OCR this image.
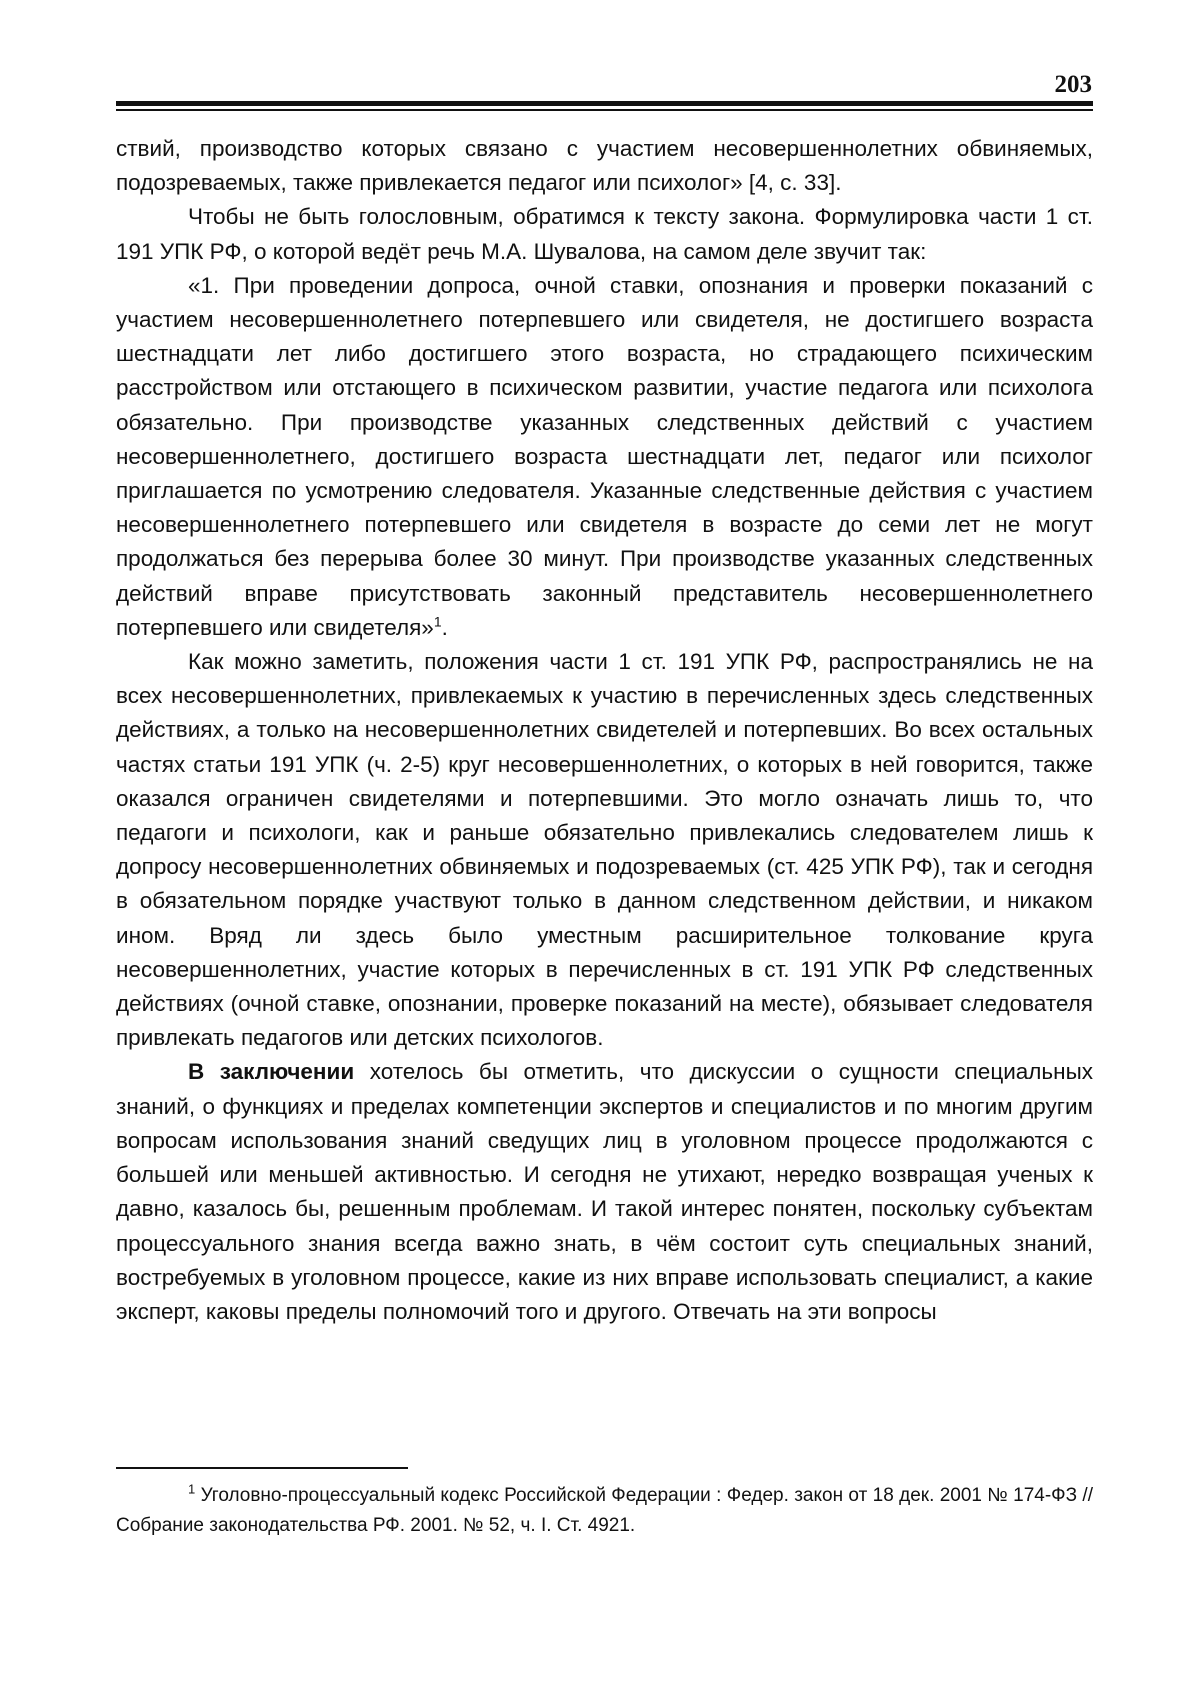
203

ствий, производство которых связано с участием несовершеннолетних обвиняемых, подозреваемых, также привлекается педагог или психолог» [4, с. 33].

Чтобы не быть голословным, обратимся к тексту закона. Формулировка части 1 ст. 191 УПК РФ, о которой ведёт речь М.А. Шувалова, на самом деле звучит так:

«1. При проведении допроса, очной ставки, опознания и проверки показаний с участием несовершеннолетнего потерпевшего или свидетеля, не достигшего возраста шестнадцати лет либо достигшего этого возраста, но страдающего психическим расстройством или отстающего в психическом развитии, участие педагога или психолога обязательно. При производстве указанных следственных действий с участием несовершеннолетнего, достигшего возраста шестнадцати лет, педагог или психолог приглашается по усмотрению следователя. Указанные следственные действия с участием несовершеннолетнего потерпевшего или свидетеля в возрасте до семи лет не могут продолжаться без перерыва более 30 минут. При производстве указанных следственных действий вправе присутствовать законный представитель несовершеннолетнего потерпевшего или свидетеля»$^1$.

Как можно заметить, положения части 1 ст. 191 УПК РФ, распространялись не на всех несовершеннолетних, привлекаемых к участию в перечисленных здесь следственных действиях, а только на несовершеннолетних свидетелей и потерпевших. Во всех остальных частях статьи 191 УПК (ч. 2-5) круг несовершеннолетних, о которых в ней говорится, также оказался ограничен свидетелями и потерпевшими. Это могло означать лишь то, что педагоги и психологи, как и раньше обязательно привлекались следователем лишь к допросу несовершеннолетних обвиняемых и подозреваемых (ст. 425 УПК РФ), так и сегодня в обязательном порядке участвуют только в данном следственном действии, и никаком ином. Вряд ли здесь было уместным расширительное толкование круга несовершеннолетних, участие которых в перечисленных в ст. 191 УПК РФ следственных действиях (очной ставке, опознании, проверке показаний на месте), обязывает следователя привлекать педагогов или детских психологов.

В заключении хотелось бы отметить, что дискуссии о сущности специальных знаний, о функциях и пределах компетенции экспертов и специалистов и по многим другим вопросам использования знаний сведущих лиц в уголовном процессе продолжаются с большей или меньшей активностью. И сегодня не утихают, нередко возвращая ученых к давно, казалось бы, решенным проблемам. И такой интерес понятен, поскольку субъектам процессуального знания всегда важно знать, в чём состоит суть специальных знаний, востребуемых в уголовном процессе, какие из них вправе использовать специалист, а какие эксперт, каковы пределы полномочий того и другого. Отвечать на эти вопросы

$^1$ Уголовно-процессуальный кодекс Российской Федерации : Федер. закон от 18 дек. 2001 № 174-ФЗ // Собрание законодательства РФ. 2001. № 52, ч. I. Ст. 4921.
